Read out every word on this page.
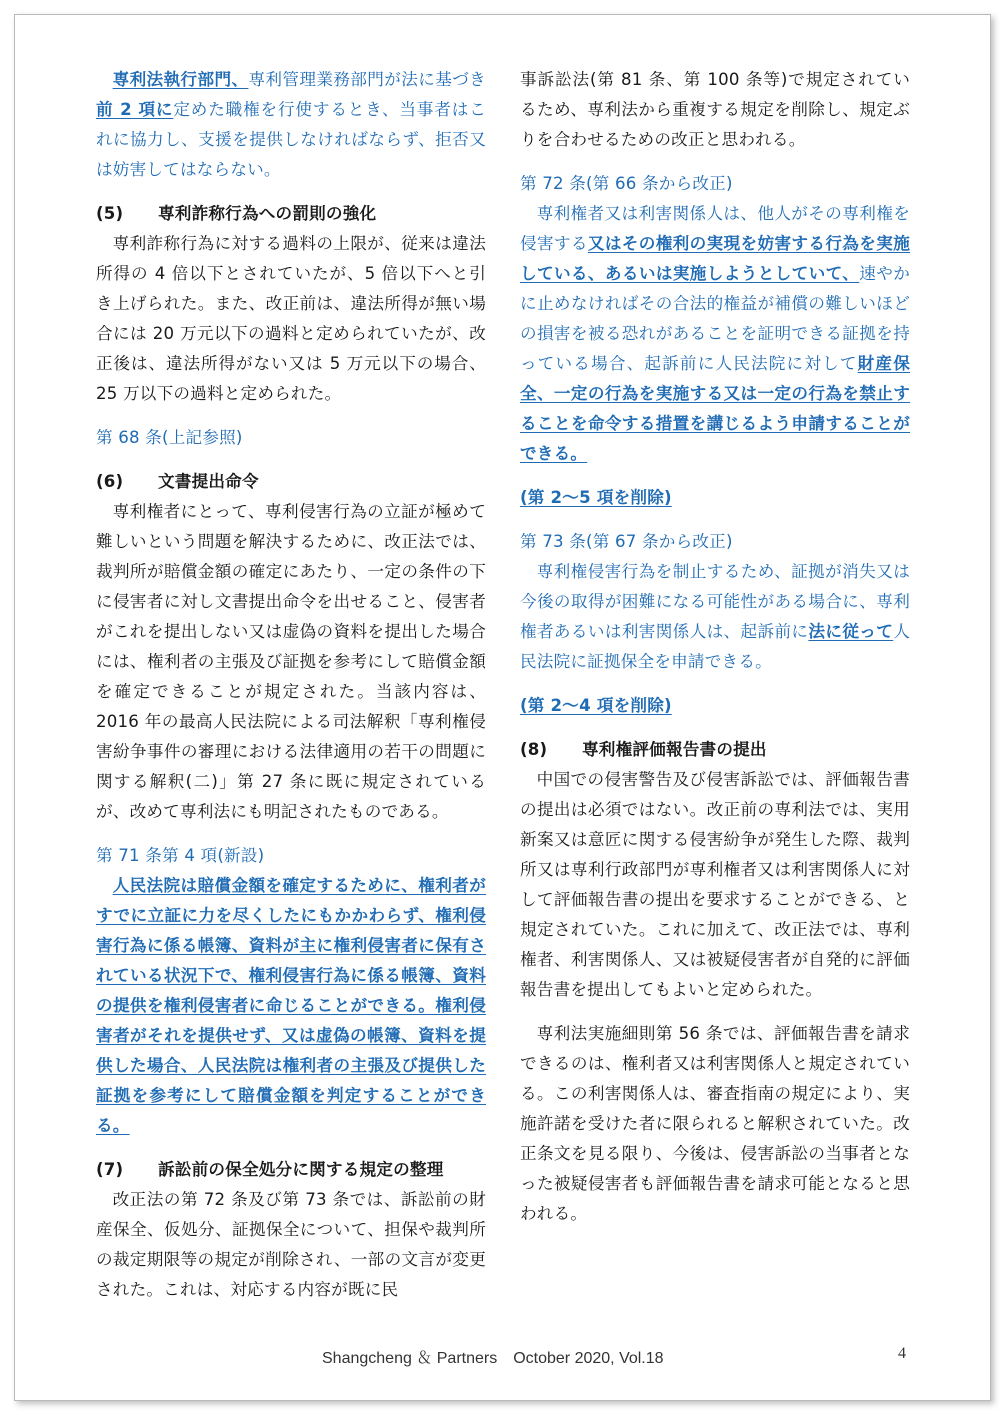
専利法執行部門、専利管理業務部門が法に基づき前 2 項に定めた職権を行使するとき、当事者はこれに協力し、支援を提供しなければならず、拒否又は妨害してはならない。

(5) 専利詐称行為への罰則の強化

専利詐称行為に対する過料の上限が、従来は違法所得の 4 倍以下とされていたが、5 倍以下へと引き上げられた。また、改正前は、違法所得が無い場合には 20 万元以下の過料と定められていたが、改正後は、違法所得がない又は 5 万元以下の場合、25 万以下の過料と定められた。

第 68 条(上記参照)

(6) 文書提出命令

専利権者にとって、専利侵害行為の立証が極めて難しいという問題を解決するために、改正法では、裁判所が賠償金額の確定にあたり、一定の条件の下に侵害者に対し文書提出命令を出せること、侵害者がこれを提出しない又は虚偽の資料を提出した場合には、権利者の主張及び証拠を参考にして賠償金額を確定できることが規定された。当該内容は、2016 年の最高人民法院による司法解釈「専利権侵害紛争事件の審理における法律適用の若干の問題に関する解釈(二)」第 27 条に既に規定されているが、改めて専利法にも明記されたものである。

第 71 条第 4 項(新設)

人民法院は賠償金額を確定するために、権利者がすでに立証に力を尽くしたにもかかわらず、権利侵害行為に係る帳簿、資料が主に権利侵害者に保有されている状況下で、権利侵害行為に係る帳簿、資料の提供を権利侵害者に命じることができる。権利侵害者がそれを提供せず、又は虚偽の帳簿、資料を提供した場合、人民法院は権利者の主張及び提供した証拠を参考にして賠償金額を判定することができる。

(7) 訴訟前の保全処分に関する規定の整理

改正法の第 72 条及び第 73 条では、訴訟前の財産保全、仮処分、証拠保全について、担保や裁判所の裁定期限等の規定が削除され、一部の文言が変更された。これは、対応する内容が既に民

事訴訟法(第 81 条、第 100 条等)で規定されているため、専利法から重複する規定を削除し、規定ぶりを合わせるための改正と思われる。

第 72 条(第 66 条から改正)

専利権者又は利害関係人は、他人がその専利権を侵害する又はその権利の実現を妨害する行為を実施している、あるいは実施しようとしていて、速やかに止めなければその合法的権益が補償の難しいほどの損害を被る恐れがあることを証明できる証拠を持っている場合、起訴前に人民法院に対して財産保全、一定の行為を実施する又は一定の行為を禁止することを命令する措置を講じるよう申請することができる。

(第 2～5 項を削除)

第 73 条(第 67 条から改正)

専利権侵害行為を制止するため、証拠が消失又は今後の取得が困難になる可能性がある場合に、専利権者あるいは利害関係人は、起訴前に法に従って人民法院に証拠保全を申請できる。

(第 2～4 項を削除)

(8) 専利権評価報告書の提出

中国での侵害警告及び侵害訴訟では、評価報告書の提出は必須ではない。改正前の専利法では、実用新案又は意匠に関する侵害紛争が発生した際、裁判所又は専利行政部門が専利権者又は利害関係人に対して評価報告書の提出を要求することができる、と規定されていた。これに加えて、改正法では、専利権者、利害関係人、又は被疑侵害者が自発的に評価報告書を提出してもよいと定められた。

専利法実施細則第 56 条では、評価報告書を請求できるのは、権利者又は利害関係人と規定されている。この利害関係人は、審査指南の規定により、実施許諾を受けた者に限られると解釈されていた。改正条文を見る限り、今後は、侵害訴訟の当事者となった被疑侵害者も評価報告書を請求可能となると思われる。

Shangcheng ＆ Partners　October 2020, Vol.18	4
